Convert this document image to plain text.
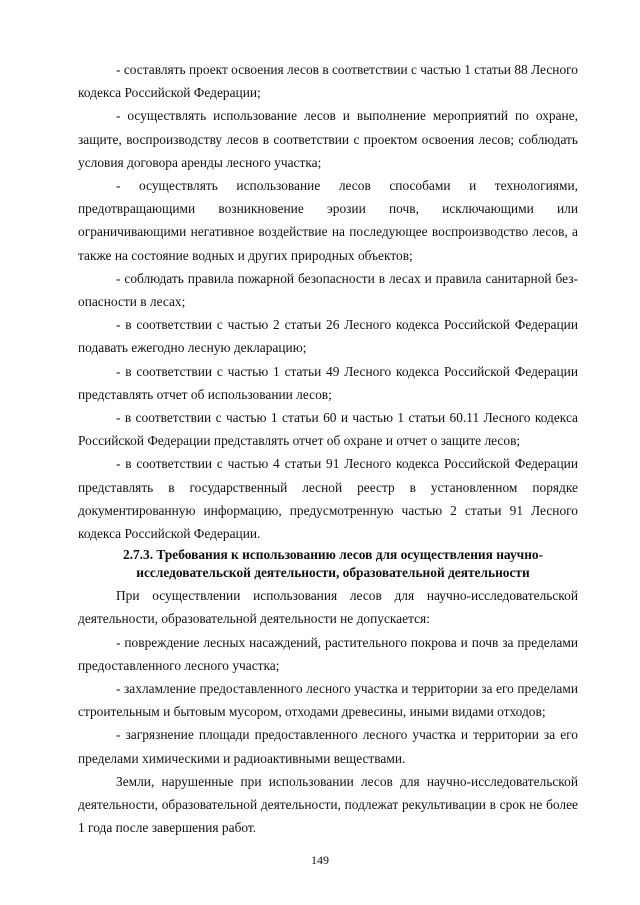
- составлять проект освоения лесов в соответствии с частью 1 статьи 88 Лесного кодекса Российской Федерации;

- осуществлять использование лесов и выполнение мероприятий по охране, защите, воспроизводству лесов в соответствии с проектом освоения лесов; соблюдать условия договора аренды лесного участка;

- осуществлять использование лесов способами и технологиями, предотвращающими возникновение эрозии почв, исключающими или ограничивающими негативное воздействие на последующее воспроизводство лесов, а также на состояние водных и других природных объектов;

- соблюдать правила пожарной безопасности в лесах и правила санитарной безопасности в лесах;

- в соответствии с частью 2 статьи 26 Лесного кодекса Российской Федерации подавать ежегодно лесную декларацию;

- в соответствии с частью 1 статьи 49 Лесного кодекса Российской Федерации представлять отчет об использовании лесов;

- в соответствии с частью 1 статьи 60 и частью 1 статьи 60.11 Лесного кодекса Российской Федерации представлять отчет об охране и отчет о защите лесов;

- в соответствии с частью 4 статьи 91 Лесного кодекса Российской Федерации представлять в государственный лесной реестр в установленном порядке документированную информацию, предусмотренную частью 2 статьи 91 Лесного кодекса Российской Федерации.

2.7.3. Требования к использованию лесов для осуществления научно-исследовательской деятельности, образовательной деятельности

При осуществлении использования лесов для научно-исследовательской деятельности, образовательной деятельности не допускается:

- повреждение лесных насаждений, растительного покрова и почв за пределами предоставленного лесного участка;

- захламление предоставленного лесного участка и территории за его пределами строительным и бытовым мусором, отходами древесины, иными видами отходов;

- загрязнение площади предоставленного лесного участка и территории за его пределами химическими и радиоактивными веществами.

Земли, нарушенные при использовании лесов для научно-исследовательской деятельности, образовательной деятельности, подлежат рекультивации в срок не более 1 года после завершения работ.

149
